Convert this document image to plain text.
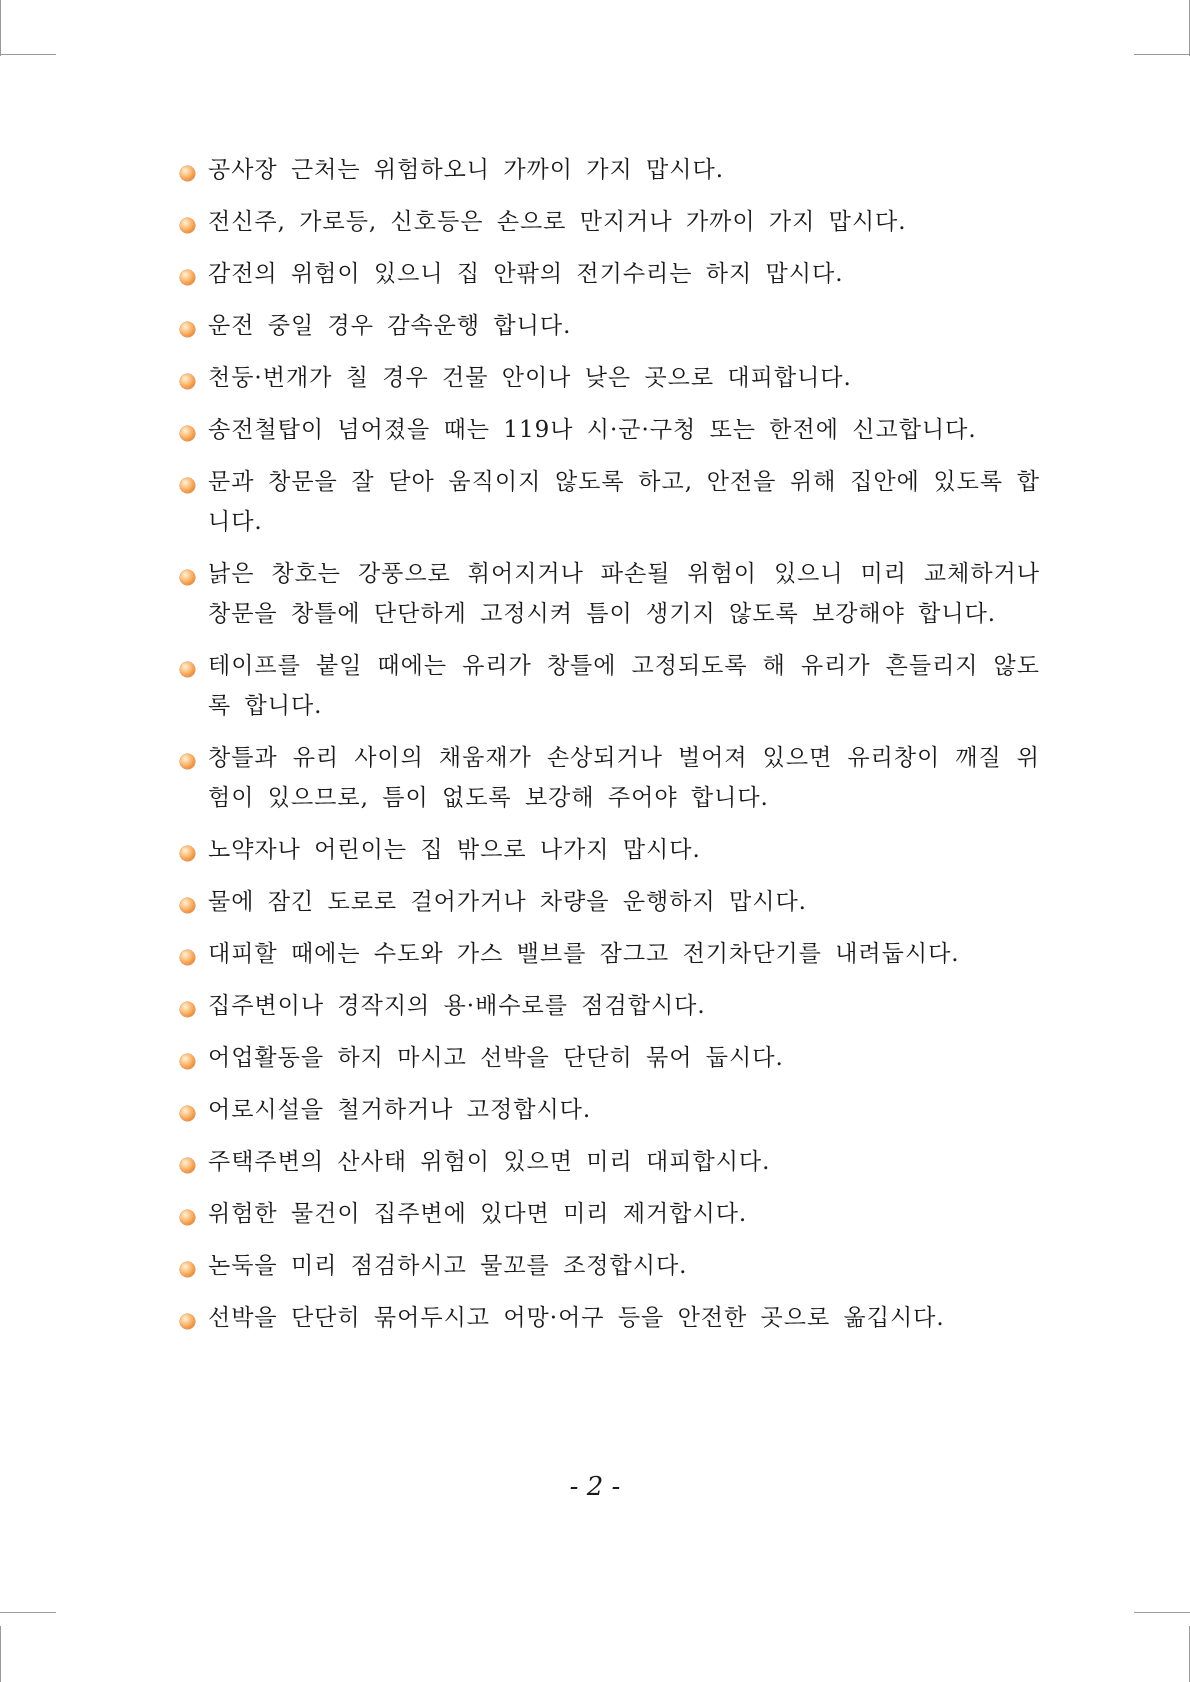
공사장 근처는 위험하오니 가까이 가지 맙시다.
전신주, 가로등, 신호등은 손으로 만지거나 가까이 가지 맙시다.
감전의 위험이 있으니 집 안팎의 전기수리는 하지 맙시다.
운전 중일 경우 감속운행 합니다.
천둥·번개가 칠 경우 건물 안이나 낮은 곳으로 대피합니다.
송전철탑이 넘어졌을 때는 119나 시·군·구청 또는 한전에 신고합니다.
문과 창문을 잘 닫아 움직이지 않도록 하고, 안전을 위해 집안에 있도록 합니다.
낡은 창호는 강풍으로 휘어지거나 파손될 위험이 있으니 미리 교체하거나 창문을 창틀에 단단하게 고정시켜 틈이 생기지 않도록 보강해야 합니다.
테이프를 붙일 때에는 유리가 창틀에 고정되도록 해 유리가 흔들리지 않도록 합니다.
창틀과 유리 사이의 채움재가 손상되거나 벌어져 있으면 유리창이 깨질 위험이 있으므로, 틈이 없도록 보강해 주어야 합니다.
노약자나 어린이는 집 밖으로 나가지 맙시다.
물에 잠긴 도로로 걸어가거나 차량을 운행하지 맙시다.
대피할 때에는 수도와 가스 밸브를 잠그고 전기차단기를 내려둡시다.
집주변이나 경작지의 용·배수로를 점검합시다.
어업활동을 하지 마시고 선박을 단단히 묶어 둡시다.
어로시설을 철거하거나 고정합시다.
주택주변의 산사태 위험이 있으면 미리 대피합시다.
위험한 물건이 집주변에 있다면 미리 제거합시다.
논둑을 미리 점검하시고 물꼬를 조정합시다.
선박을 단단히 묶어두시고 어망·어구 등을 안전한 곳으로 옮깁시다.
- 2 -
